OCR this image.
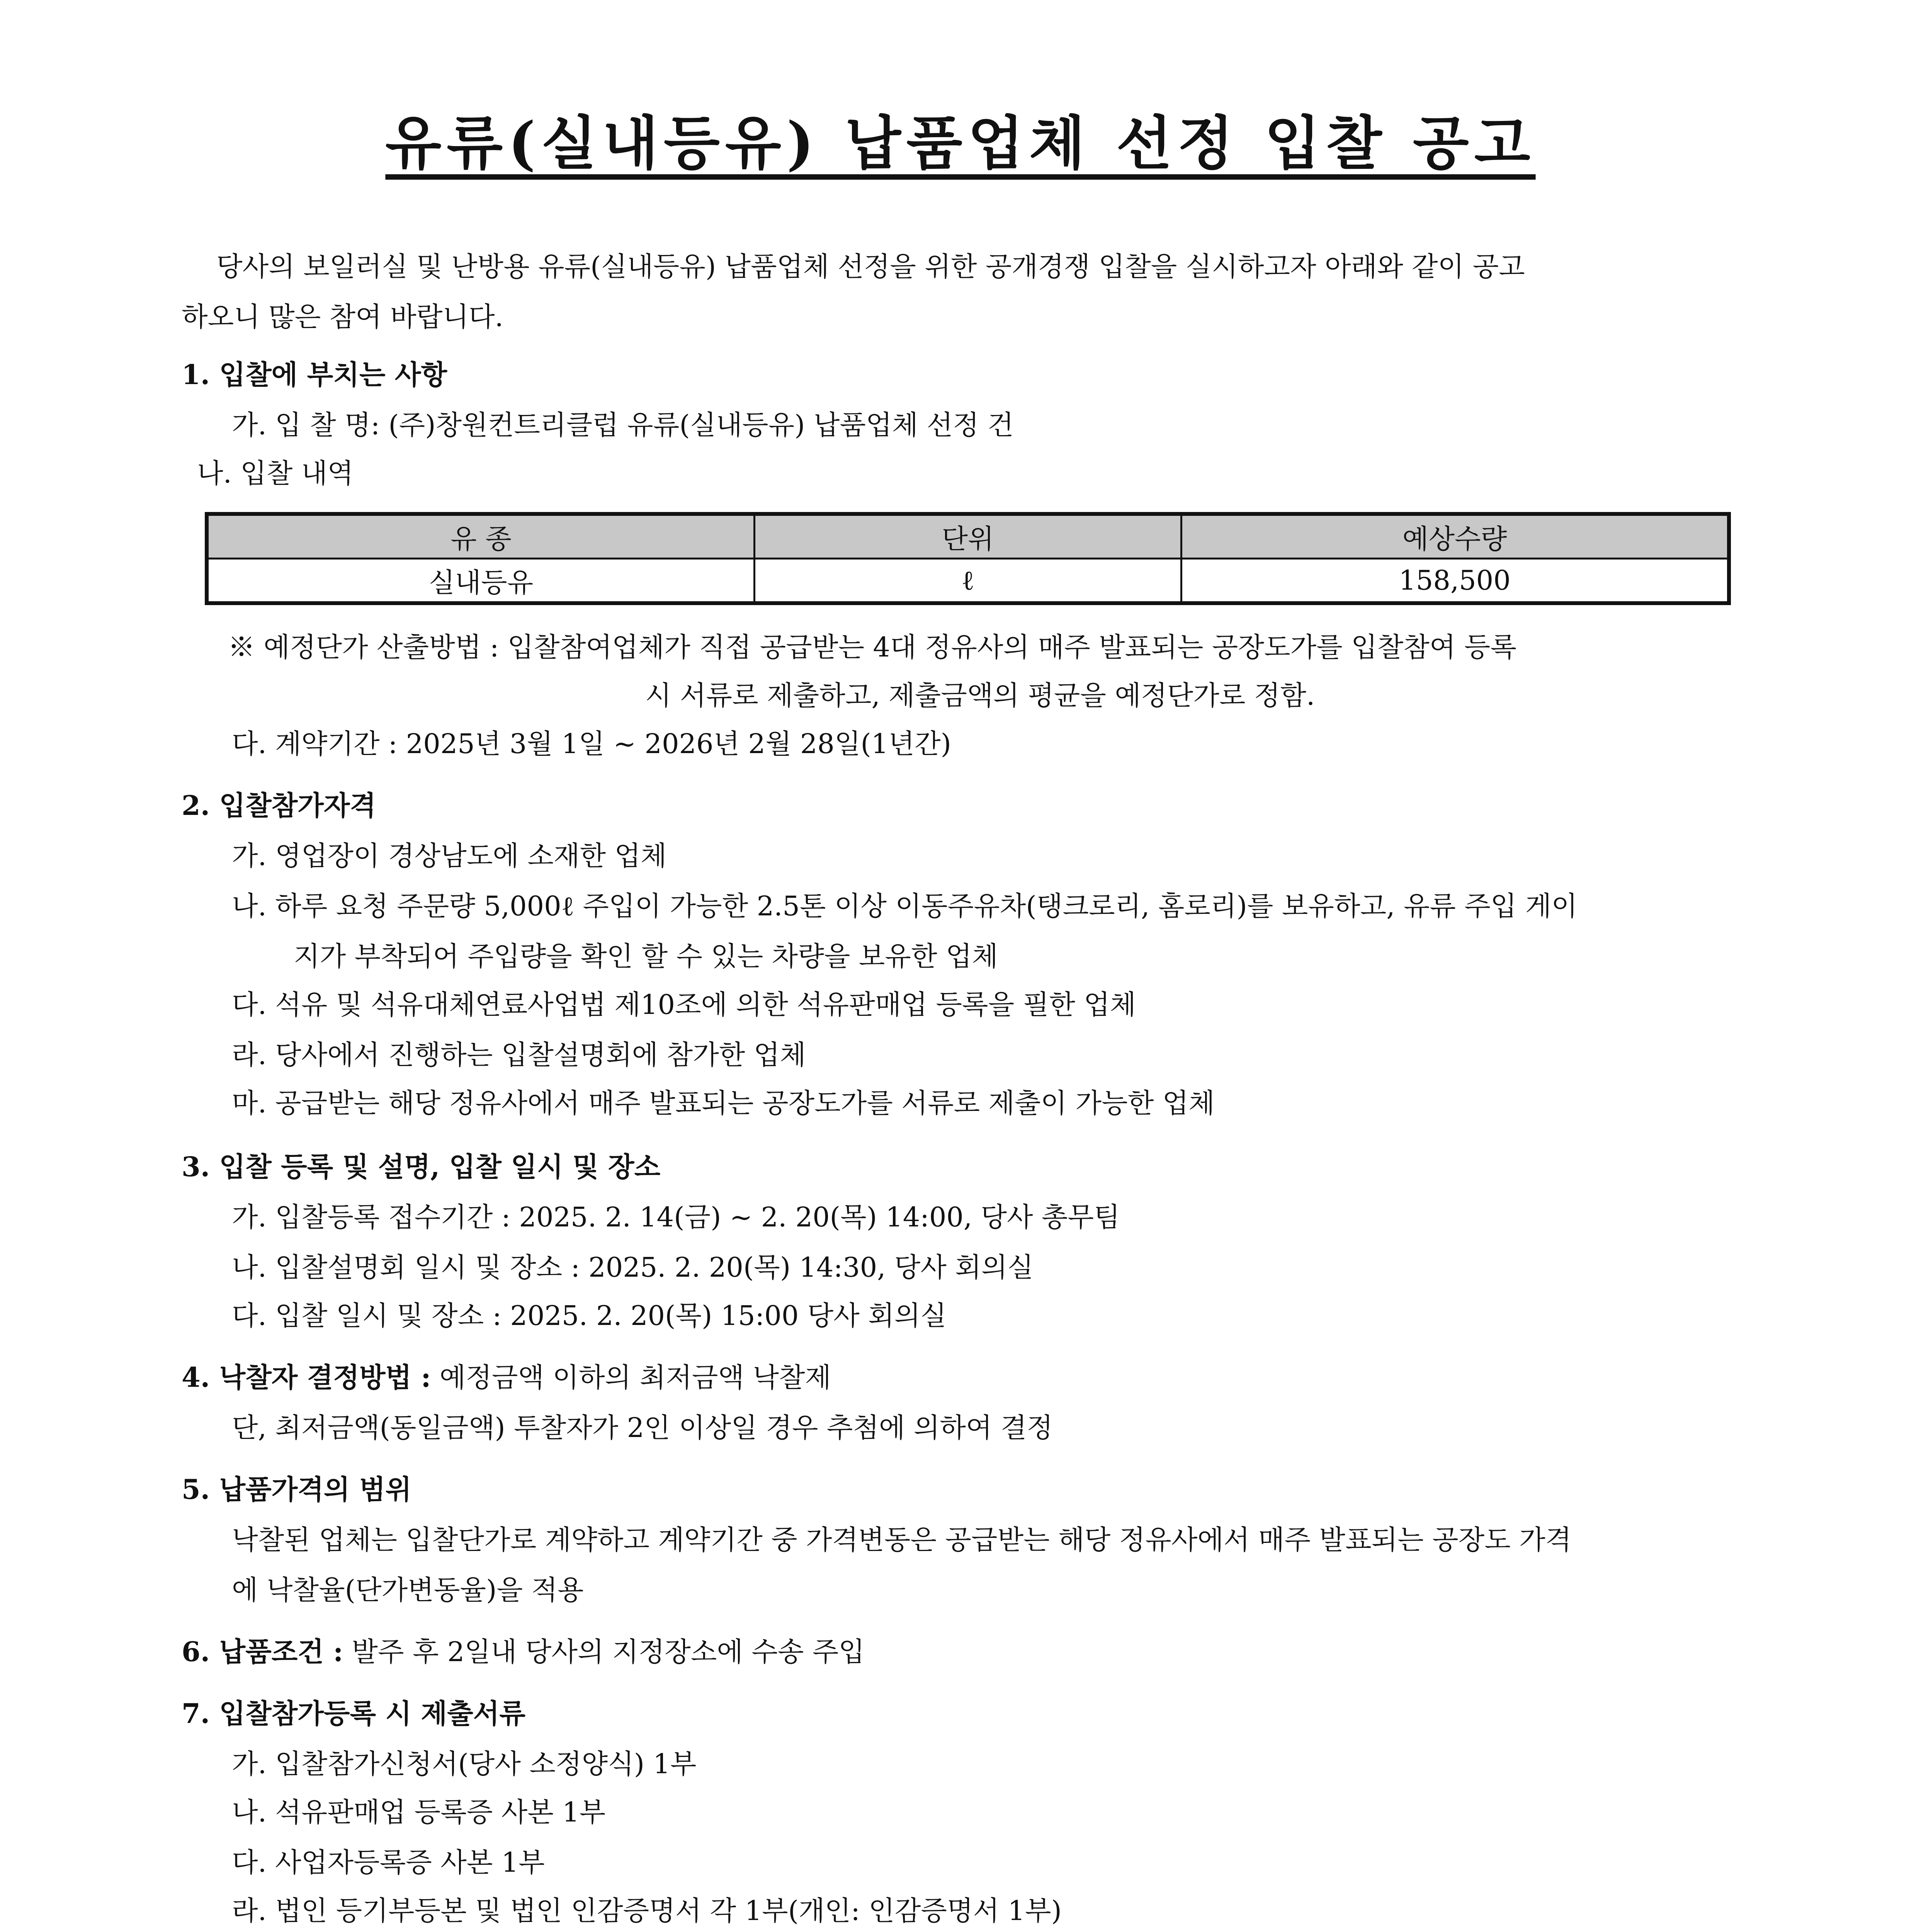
유류(실내등유) 납품업체 선정 입찰 공고
당사의 보일러실 및 난방용 유류(실내등유) 납품업체 선정을 위한 공개경쟁 입찰을 실시하고자 아래와 같이 공고
하오니 많은 참여 바랍니다.
1. 입찰에 부치는 사항
가. 입 찰 명: (주)창원컨트리클럽 유류(실내등유) 납품업체 선정 건
나. 입찰 내역
유 종	단위	예상수량
실내등유	ℓ	158,500
※ 예정단가 산출방법 : 입찰참여업체가 직접 공급받는 4대 정유사의 매주 발표되는 공장도가를 입찰참여 등록
시 서류로 제출하고, 제출금액의 평균을 예정단가로 정함.
다. 계약기간 : 2025년 3월 1일 ~ 2026년 2월 28일(1년간)
2. 입찰참가자격
가. 영업장이 경상남도에 소재한 업체
나. 하루 요청 주문량 5,000ℓ 주입이 가능한 2.5톤 이상 이동주유차(탱크로리, 홈로리)를 보유하고, 유류 주입 게이
지가 부착되어 주입량을 확인 할 수 있는 차량을 보유한 업체
다. 석유 및 석유대체연료사업법 제10조에 의한 석유판매업 등록을 필한 업체
라. 당사에서 진행하는 입찰설명회에 참가한 업체
마. 공급받는 해당 정유사에서 매주 발표되는 공장도가를 서류로 제출이 가능한 업체
3. 입찰 등록 및 설명, 입찰 일시 및 장소
가. 입찰등록 접수기간 : 2025. 2. 14(금) ~ 2. 20(목) 14:00, 당사 총무팀
나. 입찰설명회 일시 및 장소 : 2025. 2. 20(목) 14:30, 당사 회의실
다. 입찰 일시 및 장소 : 2025. 2. 20(목) 15:00 당사 회의실
4. 낙찰자 결정방법 : 예정금액 이하의 최저금액 낙찰제
단, 최저금액(동일금액) 투찰자가 2인 이상일 경우 추첨에 의하여 결정
5. 납품가격의 범위
낙찰된 업체는 입찰단가로 계약하고 계약기간 중 가격변동은 공급받는 해당 정유사에서 매주 발표되는 공장도 가격
에 낙찰율(단가변동율)을 적용
6. 납품조건 : 발주 후 2일내 당사의 지정장소에 수송 주입
7. 입찰참가등록 시 제출서류
가. 입찰참가신청서(당사 소정양식) 1부
나. 석유판매업 등록증 사본 1부
다. 사업자등록증 사본 1부
라. 법인 등기부등본 및 법인 인감증명서 각 1부(개인: 인감증명서 1부)
